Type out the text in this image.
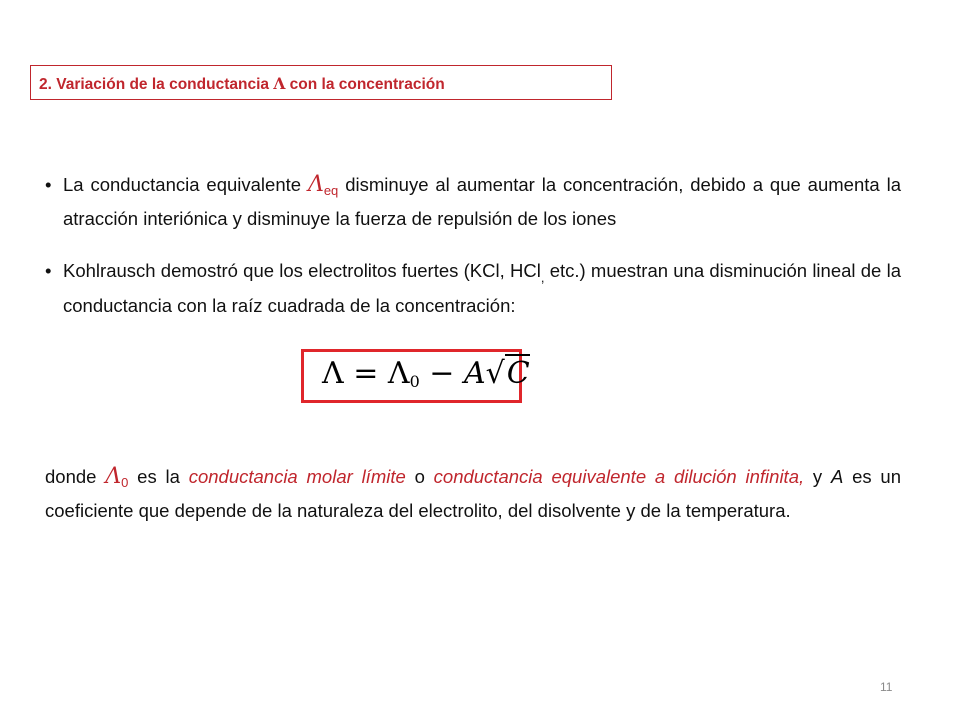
2. Variación de la conductancia Λ con la concentración
• La conductancia equivalente $\Lambda_{eq}$ disminuye al aumentar la concentración, debido a que aumenta la atracción interiónica y disminuye la fuerza de repulsión de los iones
• Kohlrausch demostró que los electrolitos fuertes (KCl, HCl$_,$ etc.) muestran una disminución lineal de la conductancia con la raíz cuadrada de la concentración:
Λ = Λ0 − A√C
donde $\Lambda_0$ es la conductancia molar límite o conductancia equivalente a dilución infinita, y A es un coeficiente que depende de la naturaleza del electrolito, del disolvente y de la temperatura.
11
